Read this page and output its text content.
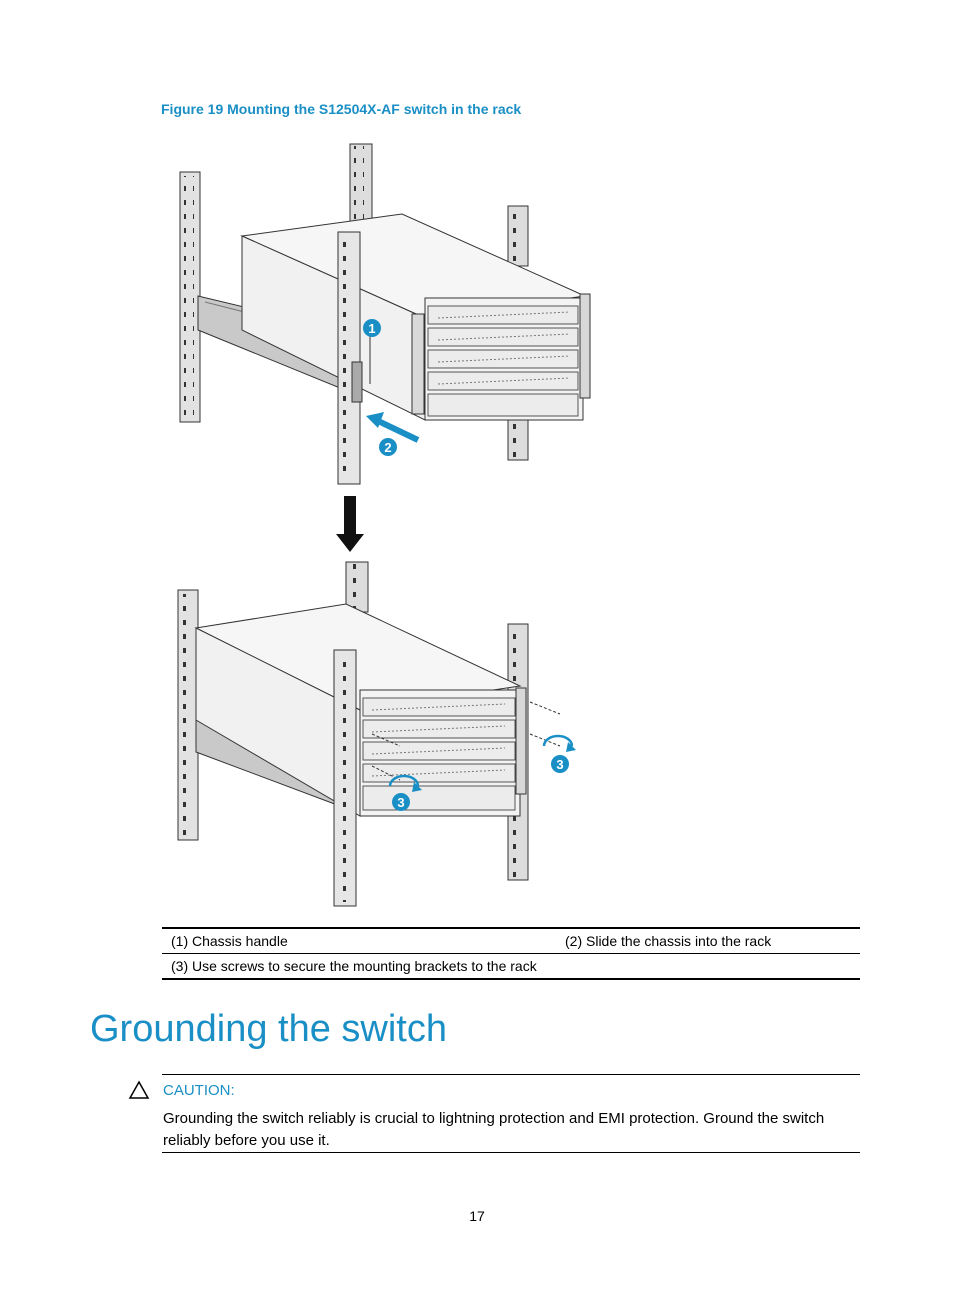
Figure 19 Mounting the S12504X-AF switch in the rack
1
2
3
3
(1) Chassis handle	(2) Slide the chassis into the rack
(3) Use screws to secure the mounting brackets to the rack
Grounding the switch
CAUTION:
Grounding the switch reliably is crucial to lightning protection and EMI protection. Ground the switch reliably before you use it.
17
